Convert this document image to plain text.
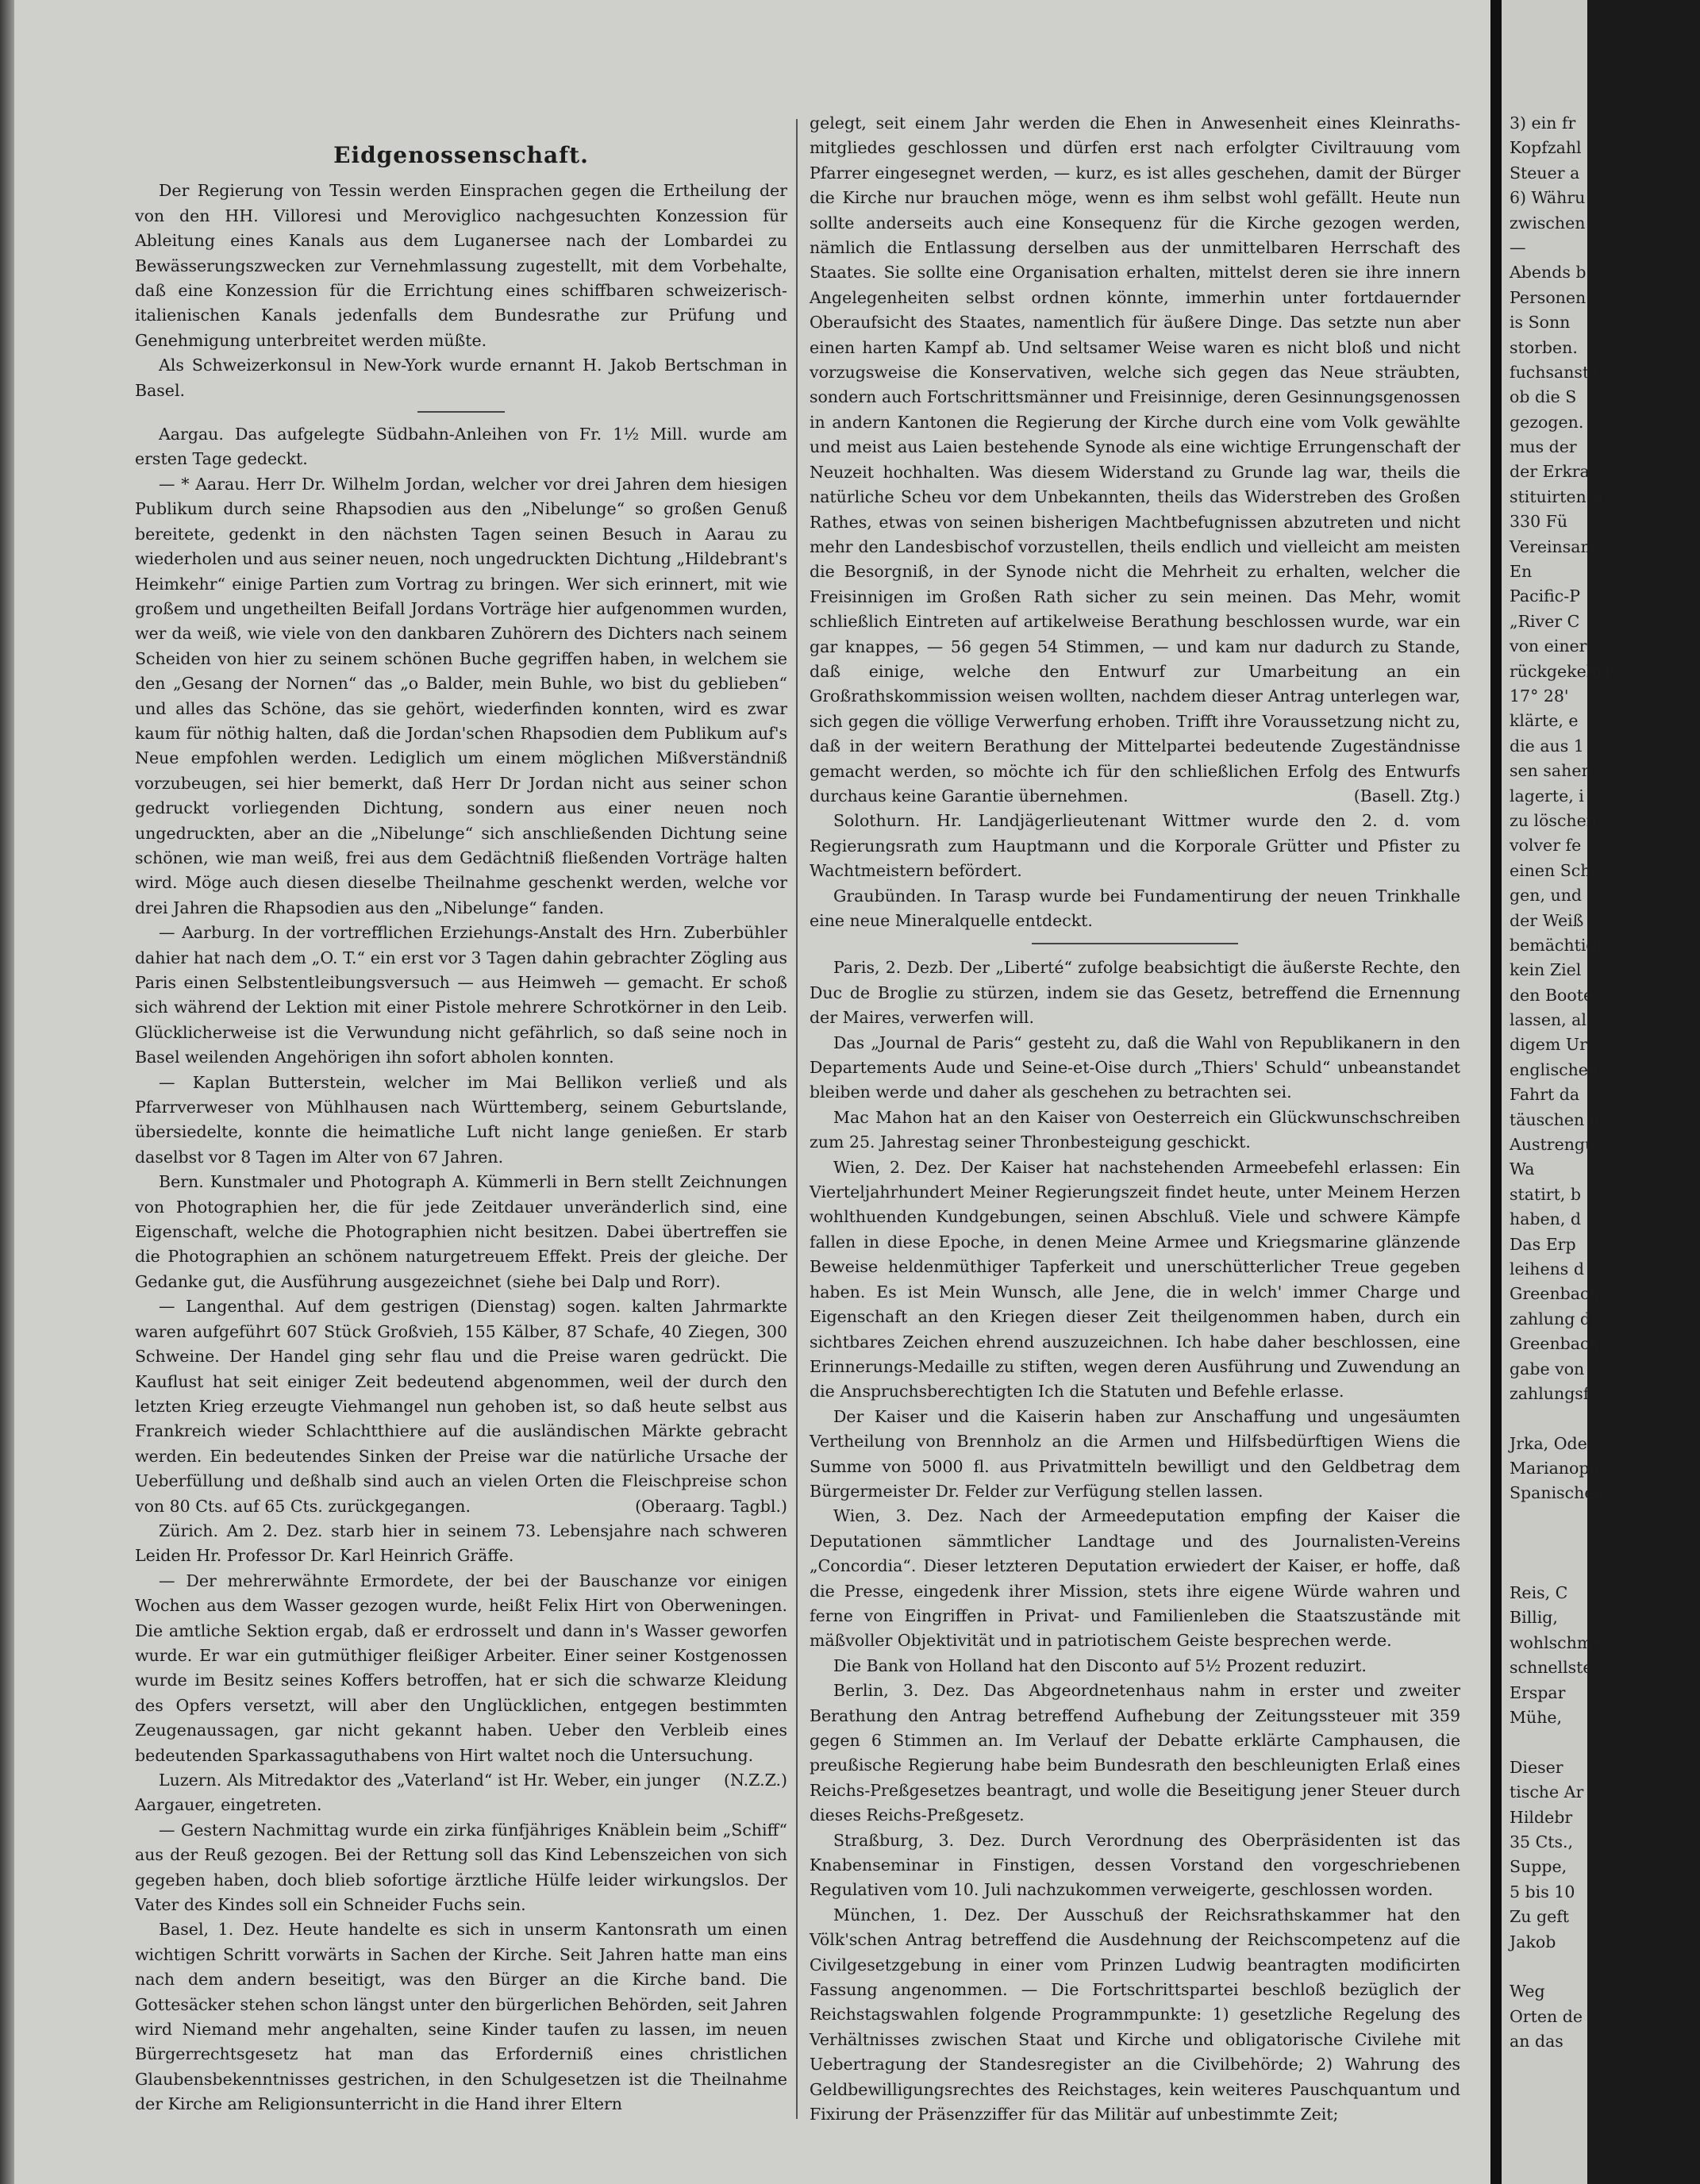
Eidgenossenschaft.

Der Regierung von Tessin werden Einsprachen gegen die Ertheilung der von den HH. Villoresi und Meroviglico nachgesuchten Konzession für Ableitung eines Kanals aus dem Luganersee nach der Lombardei zu Bewässerungszwecken zur Vernehmlassung zugestellt, mit dem Vorbehalte, daß eine Konzession für die Errichtung eines schiffbaren schweizerisch-italienischen Kanals jedenfalls dem Bundesrathe zur Prüfung und Genehmigung unterbreitet werden müßte.

Als Schweizerkonsul in New-York wurde ernannt H. Jakob Bertschman in Basel.

Aargau. Das aufgelegte Südbahn-Anleihen von Fr. 1½ Mill. wurde am ersten Tage gedeckt.

— * Aarau. Herr Dr. Wilhelm Jordan, welcher vor drei Jahren dem hiesigen Publikum durch seine Rhapsodien aus den „Nibelunge“ so großen Genuß bereitete, gedenkt in den nächsten Tagen seinen Besuch in Aarau zu wiederholen und aus seiner neuen, noch ungedruckten Dichtung „Hildebrant's Heimkehr“ einige Partien zum Vortrag zu bringen. Wer sich erinnert, mit wie großem und ungetheilten Beifall Jordans Vorträge hier aufgenommen wurden, wer da weiß, wie viele von den dankbaren Zuhörern des Dichters nach seinem Scheiden von hier zu seinem schönen Buche gegriffen haben, in welchem sie den „Gesang der Nornen“ das „o Balder, mein Buhle, wo bist du geblieben“ und alles das Schöne, das sie gehört, wiederfinden konnten, wird es zwar kaum für nöthig halten, daß die Jordan'schen Rhapsodien dem Publikum auf's Neue empfohlen werden. Lediglich um einem möglichen Mißverständniß vorzubeugen, sei hier bemerkt, daß Herr Dr Jordan nicht aus seiner schon gedruckt vorliegenden Dichtung, sondern aus einer neuen noch ungedruckten, aber an die „Nibelunge“ sich anschließenden Dichtung seine schönen, wie man weiß, frei aus dem Gedächtniß fließenden Vorträge halten wird. Möge auch diesen dieselbe Theilnahme geschenkt werden, welche vor drei Jahren die Rhapsodien aus den „Nibelunge“ fanden.

— Aarburg. In der vortrefflichen Erziehungs-Anstalt des Hrn. Zuberbühler dahier hat nach dem „O. T.“ ein erst vor 3 Tagen dahin gebrachter Zögling aus Paris einen Selbstentleibungsversuch — aus Heimweh — gemacht. Er schoß sich während der Lektion mit einer Pistole mehrere Schrotkörner in den Leib. Glücklicherweise ist die Verwundung nicht gefährlich, so daß seine noch in Basel weilenden Angehörigen ihn sofort abholen konnten.

— Kaplan Butterstein, welcher im Mai Bellikon verließ und als Pfarrverweser von Mühlhausen nach Württemberg, seinem Geburtslande, übersiedelte, konnte die heimatliche Luft nicht lange genießen. Er starb daselbst vor 8 Tagen im Alter von 67 Jahren.

Bern. Kunstmaler und Photograph A. Kümmerli in Bern stellt Zeichnungen von Photographien her, die für jede Zeitdauer unveränderlich sind, eine Eigenschaft, welche die Photographien nicht besitzen. Dabei übertreffen sie die Photographien an schönem naturgetreuem Effekt. Preis der gleiche. Der Gedanke gut, die Ausführung ausgezeichnet (siehe bei Dalp und Rorr).

— Langenthal. Auf dem gestrigen (Dienstag) sogen. kalten Jahrmarkte waren aufgeführt 607 Stück Großvieh, 155 Kälber, 87 Schafe, 40 Ziegen, 300 Schweine. Der Handel ging sehr flau und die Preise waren gedrückt. Die Kauflust hat seit einiger Zeit bedeutend abgenommen, weil der durch den letzten Krieg erzeugte Viehmangel nun gehoben ist, so daß heute selbst aus Frankreich wieder Schlachtthiere auf die ausländischen Märkte gebracht werden. Ein bedeutendes Sinken der Preise war die natürliche Ursache der Ueberfüllung und deßhalb sind auch an vielen Orten die Fleischpreise schon von 80 Cts. auf 65 Cts. zurückgegangen.	(Oberaarg. Tagbl.)

Zürich. Am 2. Dez. starb hier in seinem 73. Lebensjahre nach schweren Leiden Hr. Professor Dr. Karl Heinrich Gräffe.

— Der mehrerwähnte Ermordete, der bei der Bauschanze vor einigen Wochen aus dem Wasser gezogen wurde, heißt Felix Hirt von Oberweningen. Die amtliche Sektion ergab, daß er erdrosselt und dann in's Wasser geworfen wurde. Er war ein gutmüthiger fleißiger Arbeiter. Einer seiner Kostgenossen wurde im Besitz seines Koffers betroffen, hat er sich die schwarze Kleidung des Opfers versetzt, will aber den Unglücklichen, entgegen bestimmten Zeugenaussagen, gar nicht gekannt haben. Ueber den Verbleib eines bedeutenden Sparkassaguthabens von Hirt waltet noch die Untersuchung.
(N.Z.Z.)

Luzern. Als Mitredaktor des „Vaterland“ ist Hr. Weber, ein junger Aargauer, eingetreten.

— Gestern Nachmittag wurde ein zirka fünfjähriges Knäblein beim „Schiff“ aus der Reuß gezogen. Bei der Rettung soll das Kind Lebenszeichen von sich gegeben haben, doch blieb sofortige ärztliche Hülfe leider wirkungslos. Der Vater des Kindes soll ein Schneider Fuchs sein.

Basel, 1. Dez. Heute handelte es sich in unserm Kantonsrath um einen wichtigen Schritt vorwärts in Sachen der Kirche. Seit Jahren hatte man eins nach dem andern beseitigt, was den Bürger an die Kirche band. Die Gottesäcker stehen schon längst unter den bürgerlichen Behörden, seit Jahren wird Niemand mehr angehalten, seine Kinder taufen zu lassen, im neuen Bürgerrechtsgesetz hat man das Erforderniß eines christlichen Glaubensbekenntnisses gestrichen, in den Schulgesetzen ist die Theilnahme der Kirche am Religionsunterricht in die Hand ihrer Eltern

gelegt, seit einem Jahr werden die Ehen in Anwesenheit eines Kleinraths-mitgliedes geschlossen und dürfen erst nach erfolgter Civiltrauung vom Pfarrer eingesegnet werden, — kurz, es ist alles geschehen, damit der Bürger die Kirche nur brauchen möge, wenn es ihm selbst wohl gefällt. Heute nun sollte anderseits auch eine Konsequenz für die Kirche gezogen werden, nämlich die Entlassung derselben aus der unmittelbaren Herrschaft des Staates. Sie sollte eine Organisation erhalten, mittelst deren sie ihre innern Angelegenheiten selbst ordnen könnte, immerhin unter fortdauernder Oberaufsicht des Staates, namentlich für äußere Dinge. Das setzte nun aber einen harten Kampf ab. Und seltsamer Weise waren es nicht bloß und nicht vorzugsweise die Konservativen, welche sich gegen das Neue sträubten, sondern auch Fortschrittsmänner und Freisinnige, deren Gesinnungsgenossen in andern Kantonen die Regierung der Kirche durch eine vom Volk gewählte und meist aus Laien bestehende Synode als eine wichtige Errungenschaft der Neuzeit hochhalten. Was diesem Widerstand zu Grunde lag war, theils die natürliche Scheu vor dem Unbekannten, theils das Widerstreben des Großen Rathes, etwas von seinen bisherigen Machtbefugnissen abzutreten und nicht mehr den Landesbischof vorzustellen, theils endlich und vielleicht am meisten die Besorgniß, in der Synode nicht die Mehrheit zu erhalten, welcher die Freisinnigen im Großen Rath sicher zu sein meinen. Das Mehr, womit schließlich Eintreten auf artikelweise Berathung beschlossen wurde, war ein gar knappes, — 56 gegen 54 Stimmen, — und kam nur dadurch zu Stande, daß einige, welche den Entwurf zur Umarbeitung an ein Großrathskommission weisen wollten, nachdem dieser Antrag unterlegen war, sich gegen die völlige Verwerfung erhoben. Trifft ihre Voraussetzung nicht zu, daß in der weitern Berathung der Mittelpartei bedeutende Zugeständnisse gemacht werden, so möchte ich für den schließlichen Erfolg des Entwurfs durchaus keine Garantie übernehmen.	(Basell. Ztg.)

Solothurn. Hr. Landjägerlieutenant Wittmer wurde den 2. d. vom Regierungsrath zum Hauptmann und die Korporale Grütter und Pfister zu Wachtmeistern befördert.

Graubünden. In Tarasp wurde bei Fundamentirung der neuen Trinkhalle eine neue Mineralquelle entdeckt.

Paris, 2. Dezb. Der „Liberté“ zufolge beabsichtigt die äußerste Rechte, den Duc de Broglie zu stürzen, indem sie das Gesetz, betreffend die Ernennung der Maires, verwerfen will.

Das „Journal de Paris“ gesteht zu, daß die Wahl von Republikanern in den Departements Aude und Seine-et-Oise durch „Thiers' Schuld“ unbeanstandet bleiben werde und daher als geschehen zu betrachten sei.

Mac Mahon hat an den Kaiser von Oesterreich ein Glückwunschschreiben zum 25. Jahrestag seiner Thronbesteigung geschickt.

Wien, 2. Dez. Der Kaiser hat nachstehenden Armeebefehl erlassen: Ein Vierteljahrhundert Meiner Regierungszeit findet heute, unter Meinem Herzen wohlthuenden Kundgebungen, seinen Abschluß. Viele und schwere Kämpfe fallen in diese Epoche, in denen Meine Armee und Kriegsmarine glänzende Beweise heldenmüthiger Tapferkeit und unerschütterlicher Treue gegeben haben. Es ist Mein Wunsch, alle Jene, die in welch' immer Charge und Eigenschaft an den Kriegen dieser Zeit theilgenommen haben, durch ein sichtbares Zeichen ehrend auszuzeichnen. Ich habe daher beschlossen, eine Erinnerungs-Medaille zu stiften, wegen deren Ausführung und Zuwendung an die Anspruchsberechtigten Ich die Statuten und Befehle erlasse.

Der Kaiser und die Kaiserin haben zur Anschaffung und ungesäumten Vertheilung von Brennholz an die Armen und Hilfsbedürftigen Wiens die Summe von 5000 fl. aus Privatmitteln bewilligt und den Geldbetrag dem Bürgermeister Dr. Felder zur Verfügung stellen lassen.

Wien, 3. Dez. Nach der Armeedeputation empfing der Kaiser die Deputationen sämmtlicher Landtage und des Journalisten-Vereins „Concordia“. Dieser letzteren Deputation erwiedert der Kaiser, er hoffe, daß die Presse, eingedenk ihrer Mission, stets ihre eigene Würde wahren und ferne von Eingriffen in Privat- und Familienleben die Staatszustände mit mäßvoller Objektivität und in patriotischem Geiste besprechen werde.

Die Bank von Holland hat den Disconto auf 5½ Prozent reduzirt.

Berlin, 3. Dez. Das Abgeordnetenhaus nahm in erster und zweiter Berathung den Antrag betreffend Aufhebung der Zeitungssteuer mit 359 gegen 6 Stimmen an. Im Verlauf der Debatte erklärte Camphausen, die preußische Regierung habe beim Bundesrath den beschleunigten Erlaß eines Reichs-Preßgesetzes beantragt, und wolle die Beseitigung jener Steuer durch dieses Reichs-Preßgesetz.

Straßburg, 3. Dez. Durch Verordnung des Oberpräsidenten ist das Knabenseminar in Finstigen, dessen Vorstand den vorgeschriebenen Regulativen vom 10. Juli nachzukommen verweigerte, geschlossen worden.

München, 1. Dez. Der Ausschuß der Reichsrathskammer hat den Völk'schen Antrag betreffend die Ausdehnung der Reichscompetenz auf die Civilgesetzgebung in einer vom Prinzen Ludwig beantragten modificirten Fassung angenommen. — Die Fortschrittspartei beschloß bezüglich der Reichstagswahlen folgende Programmpunkte: 1) gesetzliche Regelung des Verhältnisses zwischen Staat und Kirche und obligatorische Civilehe mit Uebertragung der Standesregister an die Civilbehörde; 2) Wahrung des Geldbewilligungsrechtes des Reichstages, kein weiteres Pauschquantum und Fixirung der Präsenzziffer für das Militär auf unbestimmte Zeit;

3) ein fr
Kopfzahl
Steuer a
6) Währu
zwischen
—
Abends b
Personen
is Sonn
storben.
fuchsansta
ob die S
gezogen.
mus der
der Erkra
stituirten S
330 Fü
Vereinsam
En
Pacific-P
„River C
von einer
rückgekehrt
17° 28'
klärte, e
die aus 1
sen sahen,
lagerte, i
zu löschen
volver fe
einen Sch
gen, und
der Weiß
bemächtigt
kein Ziel
den Boote
lassen, al
digem Ur
englischen
Fahrt da
täuschen u
Austrengu
Wa
statirt, b
haben, d
Das Erp
leihens d
Greenback
zahlung d
Greenback
gabe von
zahlungsf
Jrka, Ode
Marianopo
Spanischen
Reis, C
Billig,
wohlschme
schnellste
Erspar
Mühe,
Dieser
tische Ar
Hildebr
35 Cts.,
Suppe,
5 bis 10
Zu geft
Jakob
Weg
Orten de
an das
